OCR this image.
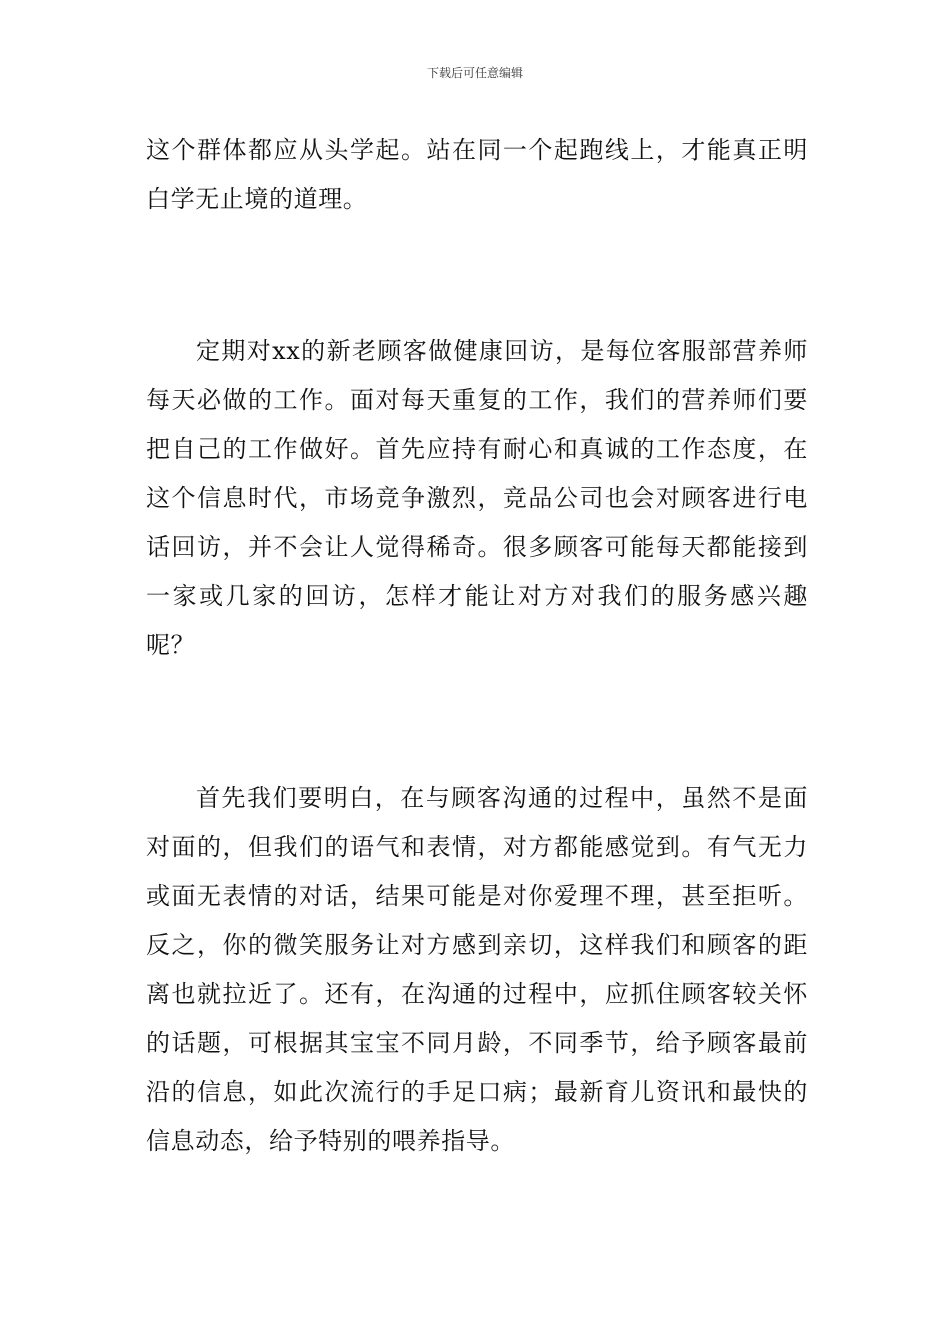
下载后可任意编辑

这个群体都应从头学起。站在同一个起跑线上，才能真正明白学无止境的道理。

定期对xx的新老顾客做健康回访，是每位客服部营养师每天必做的工作。面对每天重复的工作，我们的营养师们要把自己的工作做好。首先应持有耐心和真诚的工作态度，在这个信息时代，市场竞争激烈，竞品公司也会对顾客进行电话回访，并不会让人觉得稀奇。很多顾客可能每天都能接到一家或几家的回访，怎样才能让对方对我们的服务感兴趣呢？

首先我们要明白，在与顾客沟通的过程中，虽然不是面对面的，但我们的语气和表情，对方都能感觉到。有气无力或面无表情的对话，结果可能是对你爱理不理，甚至拒听。反之，你的微笑服务让对方感到亲切，这样我们和顾客的距离也就拉近了。还有，在沟通的过程中，应抓住顾客较关怀的话题，可根据其宝宝不同月龄，不同季节，给予顾客最前沿的信息，如此次流行的手足口病；最新育儿资讯和最快的信息动态，给予特别的喂养指导。
